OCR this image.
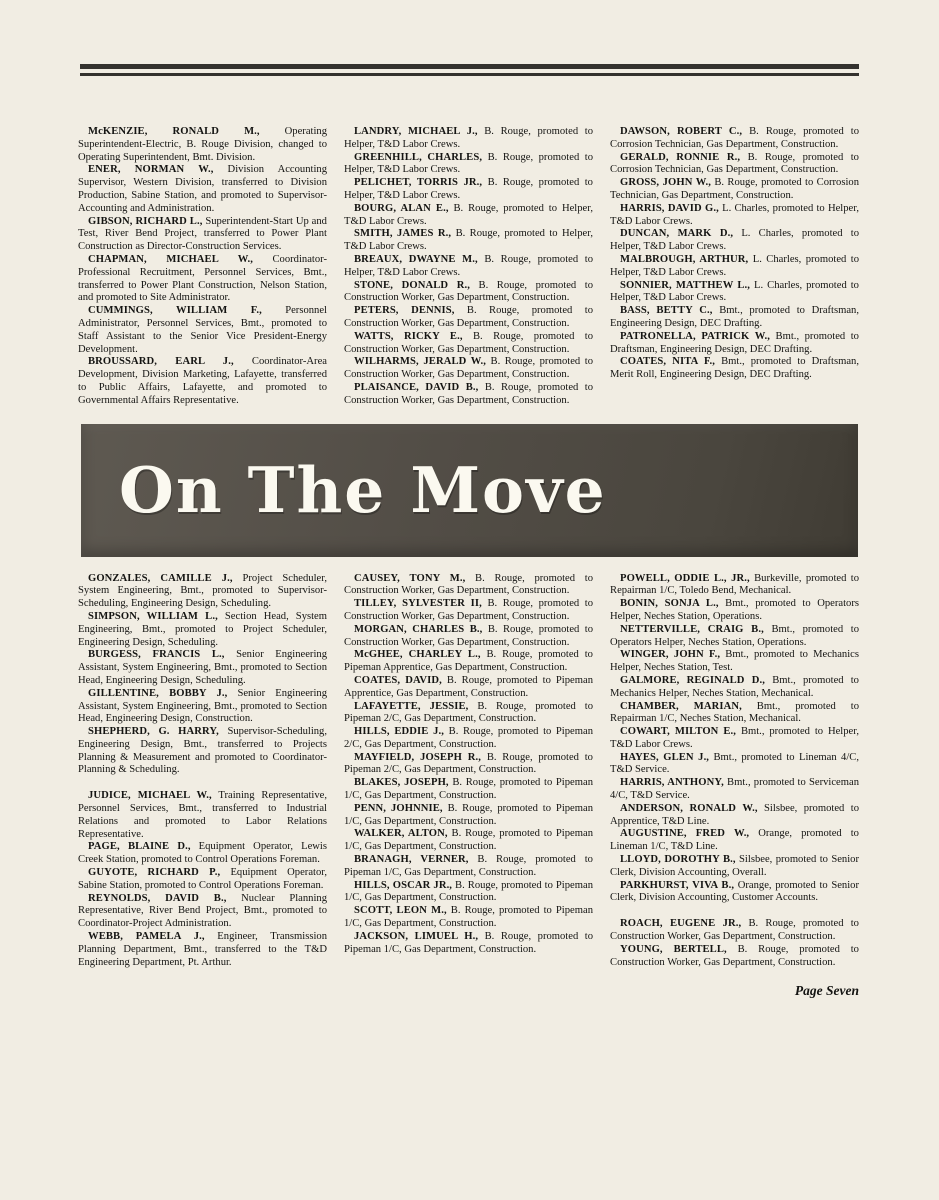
McKENZIE, RONALD M., Operating Superintendent-Electric, B. Rouge Division, changed to Operating Superintendent, Bmt. Division.

ENER, NORMAN W., Division Accounting Supervisor, Western Division, transferred to Division Production, Sabine Station, and promoted to Supervisor-Accounting and Administration.

GIBSON, RICHARD L., Superintendent-Start Up and Test, River Bend Project, transferred to Power Plant Construction as Director-Construction Services.

CHAPMAN, MICHAEL W., Coordinator-Professional Recruitment, Personnel Services, Bmt., transferred to Power Plant Construction, Nelson Station, and promoted to Site Administrator.

CUMMINGS, WILLIAM F., Personnel Administrator, Personnel Services, Bmt., promoted to Staff Assistant to the Senior Vice President-Energy Development.

BROUSSARD, EARL J., Coordinator-Area Development, Division Marketing, Lafayette, transferred to Public Affairs, Lafayette, and promoted to Governmental Affairs Representative.

LANDRY, MICHAEL J., B. Rouge, promoted to Helper, T&D Labor Crews.

GREENHILL, CHARLES, B. Rouge, promoted to Helper, T&D Labor Crews.

PELICHET, TORRIS JR., B. Rouge, promoted to Helper, T&D Labor Crews.

BOURG, ALAN E., B. Rouge, promoted to Helper, T&D Labor Crews.

SMITH, JAMES R., B. Rouge, promoted to Helper, T&D Labor Crews.

BREAUX, DWAYNE M., B. Rouge, promoted to Helper, T&D Labor Crews.

STONE, DONALD R., B. Rouge, promoted to Construction Worker, Gas Department, Construction.

PETERS, DENNIS, B. Rouge, promoted to Construction Worker, Gas Department, Construction.

WATTS, RICKY E., B. Rouge, promoted to Construction Worker, Gas Department, Construction.

WILHARMS, JERALD W., B. Rouge, promoted to Construction Worker, Gas Department, Construction.

PLAISANCE, DAVID B., B. Rouge, promoted to Construction Worker, Gas Department, Construction.

DAWSON, ROBERT C., B. Rouge, promoted to Corrosion Technician, Gas Department, Construction.

GERALD, RONNIE R., B. Rouge, promoted to Corrosion Technician, Gas Department, Construction.

GROSS, JOHN W., B. Rouge, promoted to Corrosion Technician, Gas Department, Construction.

HARRIS, DAVID G., L. Charles, promoted to Helper, T&D Labor Crews.

DUNCAN, MARK D., L. Charles, promoted to Helper, T&D Labor Crews.

MALBROUGH, ARTHUR, L. Charles, promoted to Helper, T&D Labor Crews.

SONNIER, MATTHEW L., L. Charles, promoted to Helper, T&D Labor Crews.

BASS, BETTY C., Bmt., promoted to Draftsman, Engineering Design, DEC Drafting.

PATRONELLA, PATRICK W., Bmt., promoted to Draftsman, Engineering Design, DEC Drafting.

COATES, NITA F., Bmt., promoted to Draftsman, Merit Roll, Engineering Design, DEC Drafting.

On The Move

GONZALES, CAMILLE J., Project Scheduler, System Engineering, Bmt., promoted to Supervisor-Scheduling, Engineering Design, Scheduling.

SIMPSON, WILLIAM L., Section Head, System Engineering, Bmt., promoted to Project Scheduler, Engineering Design, Scheduling.

BURGESS, FRANCIS L., Senior Engineering Assistant, System Engineering, Bmt., promoted to Section Head, Engineering Design, Scheduling.

GILLENTINE, BOBBY J., Senior Engineering Assistant, System Engineering, Bmt., promoted to Section Head, Engineering Design, Construction.

SHEPHERD, G. HARRY, Supervisor-Scheduling, Engineering Design, Bmt., transferred to Projects Planning & Measurement and promoted to Coordinator-Planning & Scheduling.

JUDICE, MICHAEL W., Training Representative, Personnel Services, Bmt., transferred to Industrial Relations and promoted to Labor Relations Representative.

PAGE, BLAINE D., Equipment Operator, Lewis Creek Station, promoted to Control Operations Foreman.

GUYOTE, RICHARD P., Equipment Operator, Sabine Station, promoted to Control Operations Foreman.

REYNOLDS, DAVID B., Nuclear Planning Representative, River Bend Project, Bmt., promoted to Coordinator-Project Administration.

WEBB, PAMELA J., Engineer, Transmission Planning Department, Bmt., transferred to the T&D Engineering Department, Pt. Arthur.

CAUSEY, TONY M., B. Rouge, promoted to Construction Worker, Gas Department, Construction.

TILLEY, SYLVESTER II, B. Rouge, promoted to Construction Worker, Gas Department, Construction.

MORGAN, CHARLES B., B. Rouge, promoted to Construction Worker, Gas Department, Construction.

McGHEE, CHARLEY L., B. Rouge, promoted to Pipeman Apprentice, Gas Department, Construction.

COATES, DAVID, B. Rouge, promoted to Pipeman Apprentice, Gas Department, Construction.

LAFAYETTE, JESSIE, B. Rouge, promoted to Pipeman 2/C, Gas Department, Construction.

HILLS, EDDIE J., B. Rouge, promoted to Pipeman 2/C, Gas Department, Construction.

MAYFIELD, JOSEPH R., B. Rouge, promoted to Pipeman 2/C, Gas Department, Construction.

BLAKES, JOSEPH, B. Rouge, promoted to Pipeman 1/C, Gas Department, Construction.

PENN, JOHNNIE, B. Rouge, promoted to Pipeman 1/C, Gas Department, Construction.

WALKER, ALTON, B. Rouge, promoted to Pipeman 1/C, Gas Department, Construction.

BRANAGH, VERNER, B. Rouge, promoted to Pipeman 1/C, Gas Department, Construction.

HILLS, OSCAR JR., B. Rouge, promoted to Pipeman 1/C, Gas Department, Construction.

SCOTT, LEON M., B. Rouge, promoted to Pipeman 1/C, Gas Department, Construction.

JACKSON, LIMUEL H., B. Rouge, promoted to Pipeman 1/C, Gas Department, Construction.

POWELL, ODDIE L., JR., Burkeville, promoted to Repairman 1/C, Toledo Bend, Mechanical.

BONIN, SONJA L., Bmt., promoted to Operators Helper, Neches Station, Operations.

NETTERVILLE, CRAIG B., Bmt., promoted to Operators Helper, Neches Station, Operations.

WINGER, JOHN F., Bmt., promoted to Mechanics Helper, Neches Station, Test.

GALMORE, REGINALD D., Bmt., promoted to Mechanics Helper, Neches Station, Mechanical.

CHAMBER, MARIAN, Bmt., promoted to Repairman 1/C, Neches Station, Mechanical.

COWART, MILTON E., Bmt., promoted to Helper, T&D Labor Crews.

HAYES, GLEN J., Bmt., promoted to Lineman 4/C, T&D Service.

HARRIS, ANTHONY, Bmt., promoted to Serviceman 4/C, T&D Service.

ANDERSON, RONALD W., Silsbee, promoted to Apprentice, T&D Line.

AUGUSTINE, FRED W., Orange, promoted to Lineman 1/C, T&D Line.

LLOYD, DOROTHY B., Silsbee, promoted to Senior Clerk, Division Accounting, Overall.

PARKHURST, VIVA B., Orange, promoted to Senior Clerk, Division Accounting, Customer Accounts.

ROACH, EUGENE JR., B. Rouge, promoted to Construction Worker, Gas Department, Construction.

YOUNG, BERTELL, B. Rouge, promoted to Construction Worker, Gas Department, Construction.

Page Seven
